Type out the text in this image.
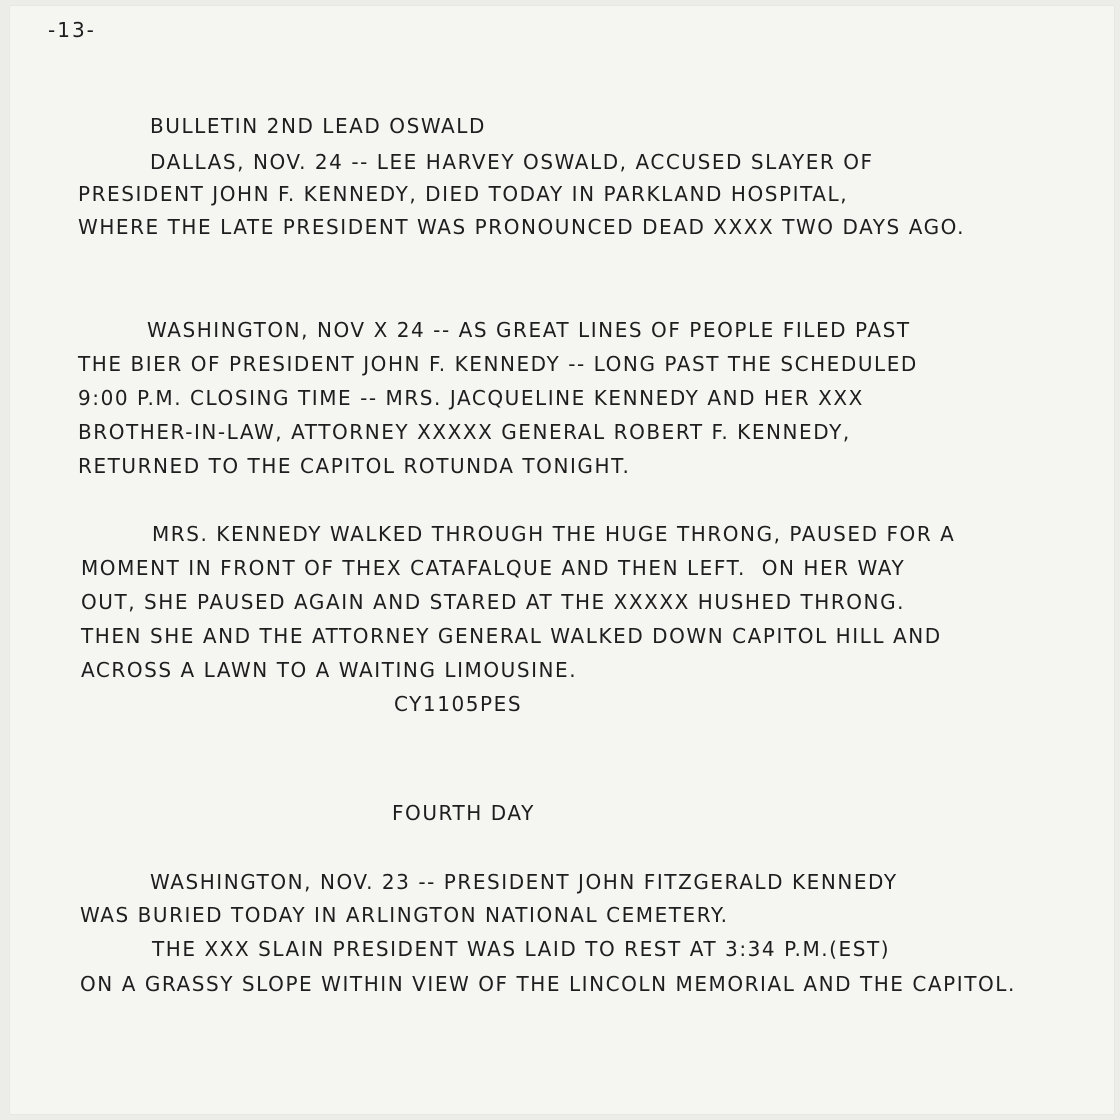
-13-

BULLETIN 2ND LEAD OSWALD

DALLAS, NOV. 24 -- LEE HARVEY OSWALD, ACCUSED SLAYER OF

PRESIDENT JOHN F. KENNEDY, DIED TODAY IN PARKLAND HOSPITAL,

WHERE THE LATE PRESIDENT WAS PRONOUNCED DEAD XXXX TWO DAYS AGO.

WASHINGTON, NOV X 24 -- AS GREAT LINES OF PEOPLE FILED PAST

THE BIER OF PRESIDENT JOHN F. KENNEDY -- LONG PAST THE SCHEDULED

9:00 P.M. CLOSING TIME -- MRS. JACQUELINE KENNEDY AND HER XXX

BROTHER-IN-LAW, ATTORNEY XXXXX GENERAL ROBERT F. KENNEDY,

RETURNED TO THE CAPITOL ROTUNDA TONIGHT.

MRS. KENNEDY WALKED THROUGH THE HUGE THRONG, PAUSED FOR A

MOMENT IN FRONT OF THEX CATAFALQUE AND THEN LEFT.  ON HER WAY

OUT, SHE PAUSED AGAIN AND STARED AT THE XXXXX HUSHED THRONG.

THEN SHE AND THE ATTORNEY GENERAL WALKED DOWN CAPITOL HILL AND

ACROSS A LAWN TO A WAITING LIMOUSINE.

CY1105PES

FOURTH DAY

WASHINGTON, NOV. 23 -- PRESIDENT JOHN FITZGERALD KENNEDY

WAS BURIED TODAY IN ARLINGTON NATIONAL CEMETERY.

THE XXX SLAIN PRESIDENT WAS LAID TO REST AT 3:34 P.M.(EST)

ON A GRASSY SLOPE WITHIN VIEW OF THE LINCOLN MEMORIAL AND THE CAPITOL.
